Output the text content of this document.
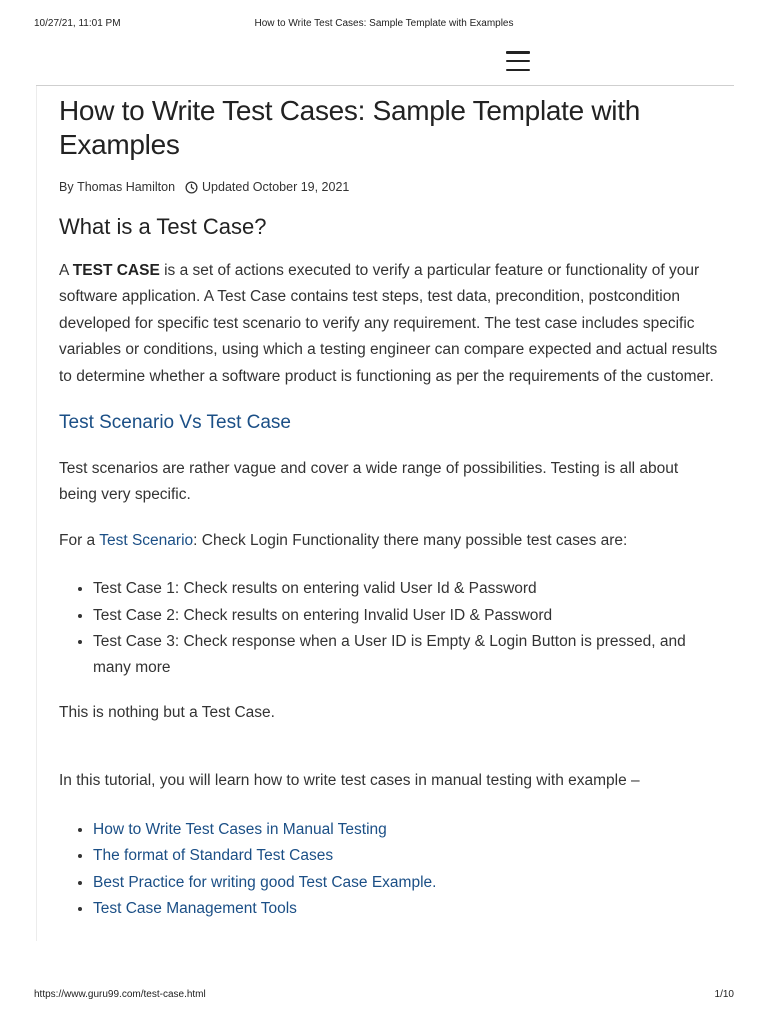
10/27/21, 11:01 PM	How to Write Test Cases: Sample Template with Examples
How to Write Test Cases: Sample Template with Examples
By
Thomas Hamilton Updated October 19, 2021
What is a Test Case?

A TEST CASE is a set of actions executed to verify a particular feature or functionality of your software application. A Test Case contains test steps, test data, precondition, postcondition developed for specific test scenario to verify any requirement. The test case includes specific variables or conditions, using which a testing engineer can compare expected and actual results to determine whether a software product is functioning as per the requirements of the customer.

Test Scenario Vs Test Case

Test scenarios are rather vague and cover a wide range of possibilities. Testing is all about being very specific.

For a Test Scenario: Check Login Functionality there many possible test cases are:

• Test Case 1: Check results on entering valid User Id & Password
• Test Case 2: Check results on entering Invalid User ID & Password
• Test Case 3: Check response when a User ID is Empty & Login Button is pressed, and many more

This is nothing but a Test Case.

In this tutorial, you will learn how to write test cases in manual testing with example –

• How to Write Test Cases in Manual Testing
• The format of Standard Test Cases
• Best Practice for writing good Test Case Example.
• Test Case Management Tools
https://www.guru99.com/test-case.html	1/10
